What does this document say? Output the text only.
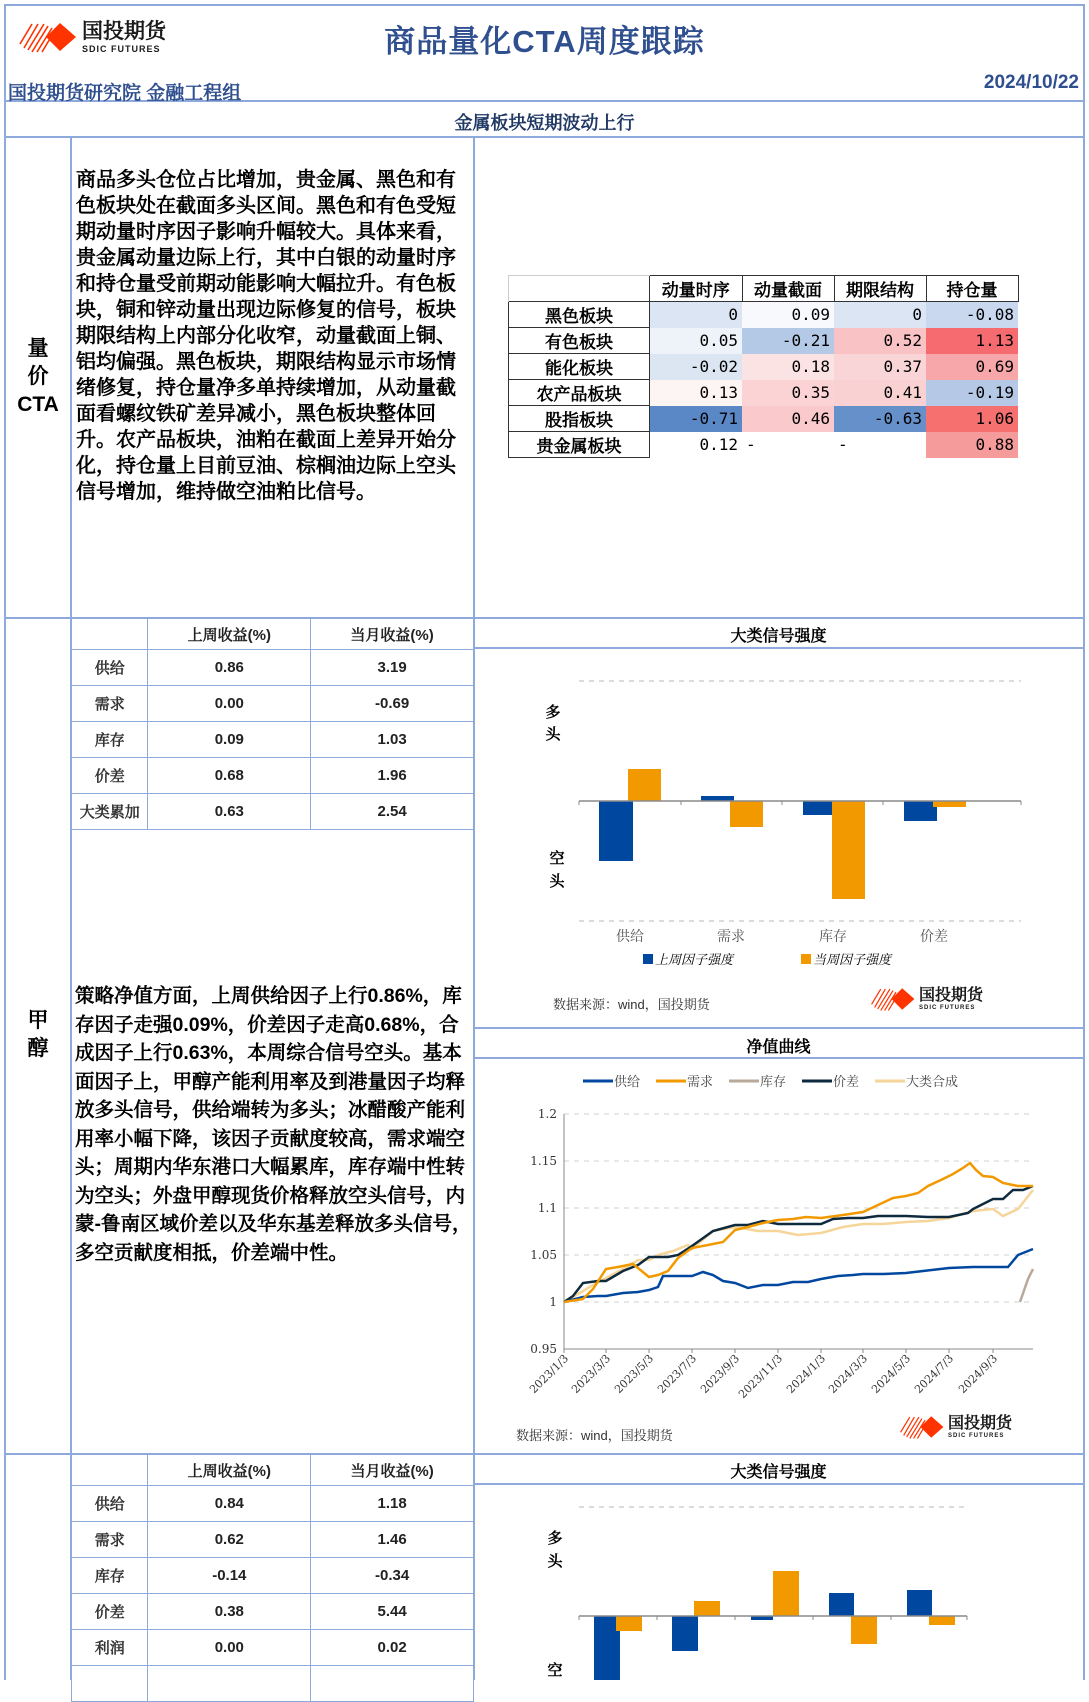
国投期货
SDIC FUTURES	商品量化CTA周度跟踪
国投期货研究院 金融工程组
2024/10/22
金属板块短期波动上行
量
价
CTA
商品多头仓位占比增加，贵金属、黑色和有色板块处在截面多头区间。黑色和有色受短期动量时序因子影响升幅较大。具体来看，贵金属动量边际上行，其中白银的动量时序和持仓量受前期动能影响大幅拉升。有色板块，铜和锌动量出现边际修复的信号，板块期限结构上内部分化收窄，动量截面上铜、铝均偏强。黑色板块，期限结构显示市场情绪修复，持仓量净多单持续增加，从动量截面看螺纹铁矿差异减小，黑色板块整体回升。农产品板块，油粕在截面上差异开始分化，持仓量上目前豆油、棕榈油边际上空头信号增加，维持做空油粕比信号。
	动量时序	动量截面	期限结构	持仓量
黑色板块	0	0.09	0	-0.08
有色板块	0.05	-0.21	0.52	1.13
能化板块	-0.02	0.18	0.37	0.69
农产品板块	0.13	0.35	0.41	-0.19
股指板块	-0.71	0.46	-0.63	1.06
贵金属板块	0.12	-	-	0.88
	上周收益(%)	当月收益(%)
供给	0.86	3.19
需求	0.00	-0.69
库存	0.09	1.03
价差	0.68	1.96
大类累加	0.63	2.54
甲
醇
策略净值方面，上周供给因子上行0.86%，库存因子走强0.09%，价差因子走高0.68%，合成因子上行0.63%，本周综合信号空头。基本面因子上，甲醇产能利用率及到港量因子均释放多头信号，供给端转为多头；冰醋酸产能利用率小幅下降，该因子贡献度较高，需求端空头；周期内华东港口大幅累库，库存端中性转为空头；外盘甲醇现货价格释放空头信号，内蒙-鲁南区域价差以及华东基差释放多头信号，多空贡献度相抵，价差端中性。
大类信号强度
多
头
空
头
供给	需求	库存	价差
上周因子强度	当周因子强度
数据来源：wind，国投期货
国投期货
SDIC FUTURES
净值曲线
供给	需求	库存	价差	大类合成
1.2
1.15
1.1
1.05
1
0.95
2023/1/3
2023/3/3
2023/5/3
2023/7/3
2023/9/3
2023/11/3
2024/1/3
2024/3/3
2024/5/3
2024/7/3 2024/9/3
数据来源：wind，国投期货
国投期货
SDIC FUTURES
	上周收益(%)	当月收益(%)
供给	0.84	1.18
需求	0.62	1.46
库存	-0.14	-0.34
价差	0.38	5.44
利润	0.00	0.02

大类信号强度
多
头
空
